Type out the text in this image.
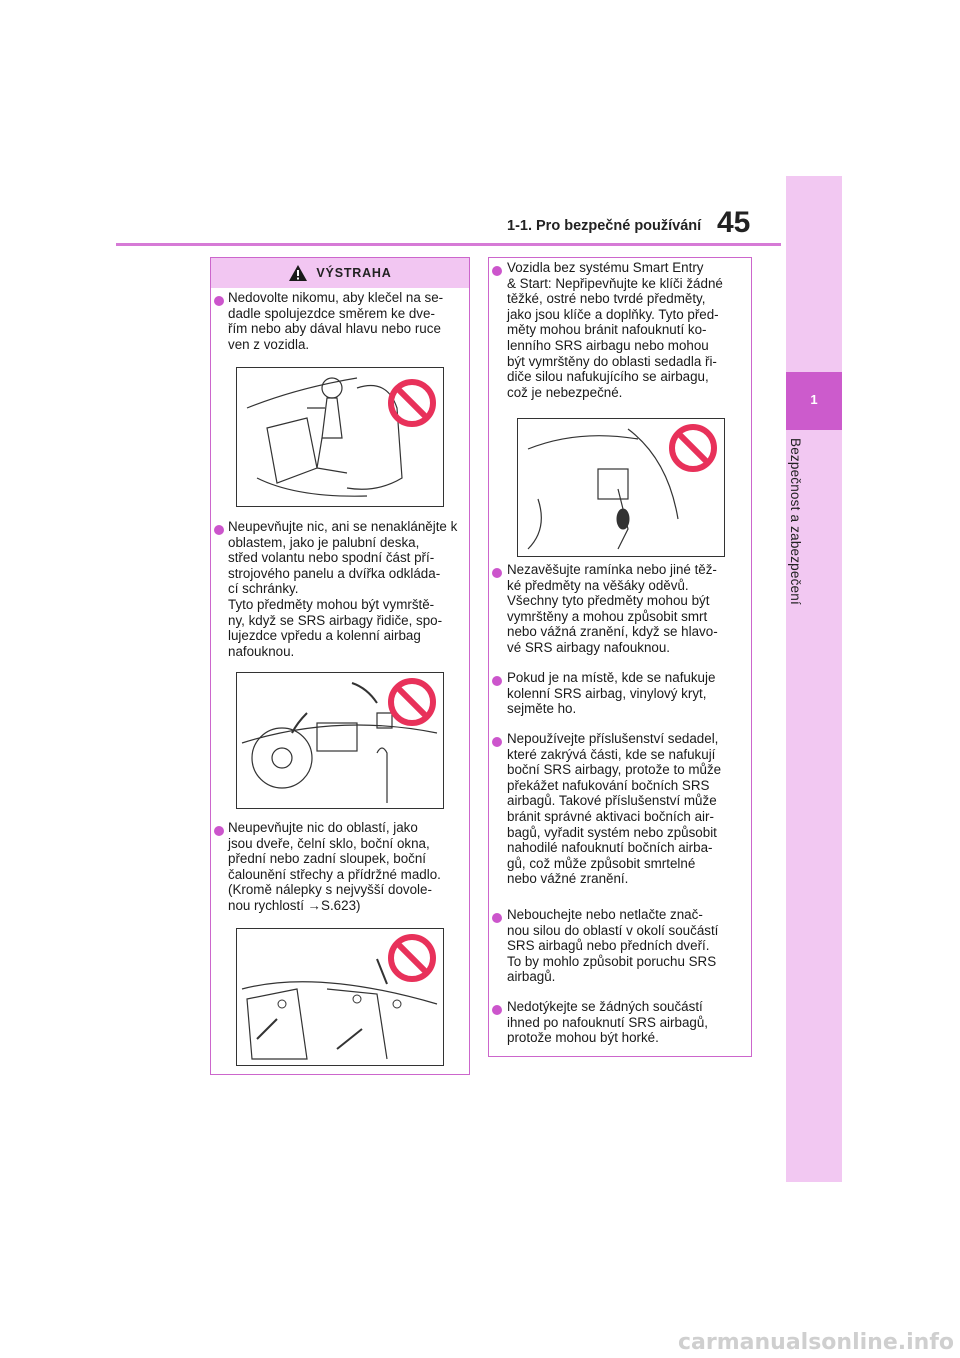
1-1. Pro bezpečné používání 45
1
Bezpečnost a zabezpečení
VÝSTRAHA
Nedovolte nikomu, aby klečel na se-
dadle spolujezdce směrem ke dve-
řím nebo aby dával hlavu nebo ruce
ven z vozidla.
Neupevňujte nic, ani se nenaklánějte k oblastem, jako je palubní deska,
střed volantu nebo spodní část pří-
strojového panelu a dvířka odkláda-
cí schránky.
Tyto předměty mohou být vymrště-
ny, když se SRS airbagy řidiče, spo-
lujezdce vpředu a kolenní airbag
nafouknou.
Neupevňujte nic do oblastí, jako
jsou dveře, čelní sklo, boční okna,
přední nebo zadní sloupek, boční
čalounění střechy a přídržné madlo.
(Kromě nálepky s nejvyšší dovole-
nou rychlostí →S.623)
Vozidla bez systému Smart Entry
& Start: Nepřipevňujte ke klíči žádné
těžké, ostré nebo tvrdé předměty,
jako jsou klíče a doplňky. Tyto před-
měty mohou bránit nafouknutí ko-
lenního SRS airbagu nebo mohou
být vymrštěny do oblasti sedadla ři-
diče silou nafukujícího se airbagu,
což je nebezpečné.
Nezavěšujte ramínka nebo jiné těž-
ké předměty na věšáky oděvů.
Všechny tyto předměty mohou být
vymrštěny a mohou způsobit smrt
nebo vážná zranění, když se hlavo-
vé SRS airbagy nafouknou.
Pokud je na místě, kde se nafukuje
kolenní SRS airbag, vinylový kryt,
sejměte ho.
Nepoužívejte příslušenství sedadel,
které zakrývá části, kde se nafukují
boční SRS airbagy, protože to může
překážet nafukování bočních SRS
airbagů. Takové příslušenství může
bránit správné aktivaci bočních air-
bagů, vyřadit systém nebo způsobit
nahodilé nafouknutí bočních airba-
gů, což může způsobit smrtelné
nebo vážné zranění.
Nebouchejte nebo netlačte znač-
nou silou do oblastí v okolí součástí
SRS airbagů nebo předních dveří.
To by mohlo způsobit poruchu SRS
airbagů.
Nedotýkejte se žádných součástí
ihned po nafouknutí SRS airbagů,
protože mohou být horké.
carmanualsonline.info
